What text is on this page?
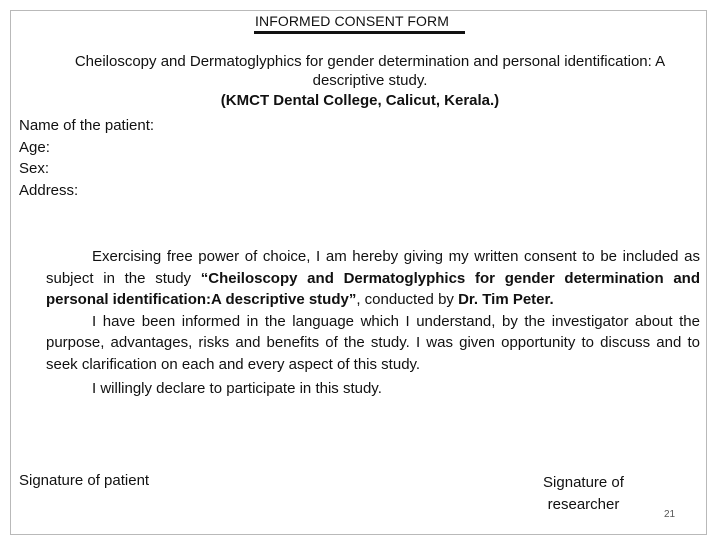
INFORMED CONSENT FORM
Cheiloscopy and Dermatoglyphics for gender determination and personal identification: A descriptive study.
(KMCT Dental College, Calicut, Kerala.)
Name of the patient:
Age:
Sex:
Address:

Exercising free power of choice, I am hereby giving my written consent to be included as subject in the study “Cheiloscopy and Dermatoglyphics for gender determination and personal identification:A descriptive study”, conducted by Dr. Tim Peter.

I have been informed in the language which I understand, by the investigator about the purpose, advantages, risks and benefits of the study. I was given opportunity to discuss and to seek clarification on each and every aspect of this study.

I willingly declare to participate in this study.

Signature of patient	Signature of researcher
21
